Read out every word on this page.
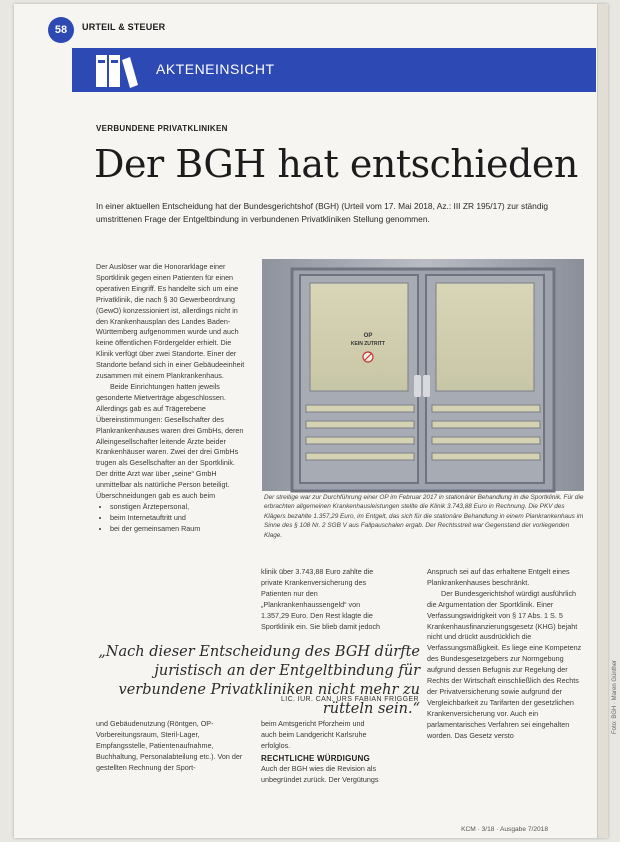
58	URTEIL & STEUER
AKTENEINSICHT
VERBUNDENE PRIVATKLINIKEN
Der BGH hat entschieden
In einer aktuellen Entscheidung hat der Bundesgerichtshof (BGH) (Urteil vom 17. Mai 2018, Az.: III ZR 195/17) zur ständig umstrittenen Frage der Entgeltbindung in verbundenen Privatkliniken Stellung genommen.

Der Auslöser war die Honorarklage einer Sportklinik gegen einen Patienten für einen operativen Eingriff. Es handelte sich um eine Privatklinik, die nach § 30 Gewerbeordnung (GewO) konzessioniert ist, allerdings nicht in den Krankenhausplan des Landes Baden-Württemberg aufgenommen wurde und auch keine öffentlichen Fördergelder erhielt. Die Klinik verfügt über zwei Standorte. Einer der Standorte befand sich in einer Gebäudeeinheit zusammen mit einem Plankrankenhaus.

Beide Einrichtungen hatten jeweils gesonderte Mietverträge abgeschlossen. Allerdings gab es auf Trägerebene Übereinstimmungen: Gesellschafter des Plankrankenhauses waren drei GmbHs, deren Alleingesellschafter leitende Ärzte beider Krankenhäuser waren. Zwei der drei GmbHs trugen als Gesellschafter an der Sportklinik. Der dritte Arzt war über „seine“ GmbH unmittelbar als natürliche Person beteiligt. Überschneidungen gab es auch beim

• sonstigen Ärztepersonal,
• beim Internetauftritt und
• bei der gemeinsamen Raum
OP
KEIN ZUTRITT
Der streitige war zur Durchführung einer OP im Februar 2017 in stationärer Behandlung in die Sportklinik. Für die erbrachten allgemeinen Krankenhausleistungen stellte die Klinik 3.743,88 Euro in Rechnung. Die PKV des Klägers bezahlte 1.357,29 Euro, im Entgelt, das sich für die stationäre Behandlung in einem Plankrankenhaus im Sinne des § 108 Nr. 2 SGB V aus Fallpauschalen ergab. Der Rechtsstreit war Gegenstand der vorliegenden Klage.

klinik über 3.743,88 Euro zahlte die private Krankenversicherung des Patienten nur den „Plankrankenhaussengeld“ von 1.357,29 Euro. Den Rest klagte die Sportklinik ein. Sie blieb damit jedoch

Anspruch sei auf das erhaltene Entgelt eines Plankrankenhauses beschränkt.

Der Bundesgerichtshof würdigt ausführlich die Argumentation der Sportklinik. Einer Verfassungswidrigkeit von § 17 Abs. 1 S. 5 Krankenhausfinanzierungsgesetz (KHG) bejaht nicht und drückt ausdrücklich die Verfassungsmäßigkeit. Es liege eine Kompetenz des Bundesgesetzgebers zur Normgebung aufgrund dessen Befugnis zur Regelung der Rechts der Wirtschaft einschließlich des Rechts der Privatversicherung sowie aufgrund der Vergleichbarkeit zu Tarifarten der gesetzlichen Krankenversicherung vor. Auch ein parlamentarisches Verfahren sei eingehalten worden. Das Gesetz versto

„Nach dieser Entscheidung des BGH dürfte juristisch an der Entgeltbindung für verbundene Privatkliniken nicht mehr zu rütteln sein.“
LIC. IUR. CAN. URS FABIAN FRIGGER

und Gebäudenutzung (Röntgen, OP-Vorbereitungsraum, Steril-Lager, Empfangsstelle, Patientenaufnahme, Buchhaltung, Personalabteilung etc.). Von der gestellten Rechnung der Sport-

beim Amtsgericht Pforzheim und auch beim Landgericht Karlsruhe erfolglos.

RECHTLICHE WÜRDIGUNG

Auch der BGH wies die Revision als unbegründet zurück. Der Vergütungs

Foto: BGH · Maren Günther
KCM · 3/18 · Ausgabe 7/2018
